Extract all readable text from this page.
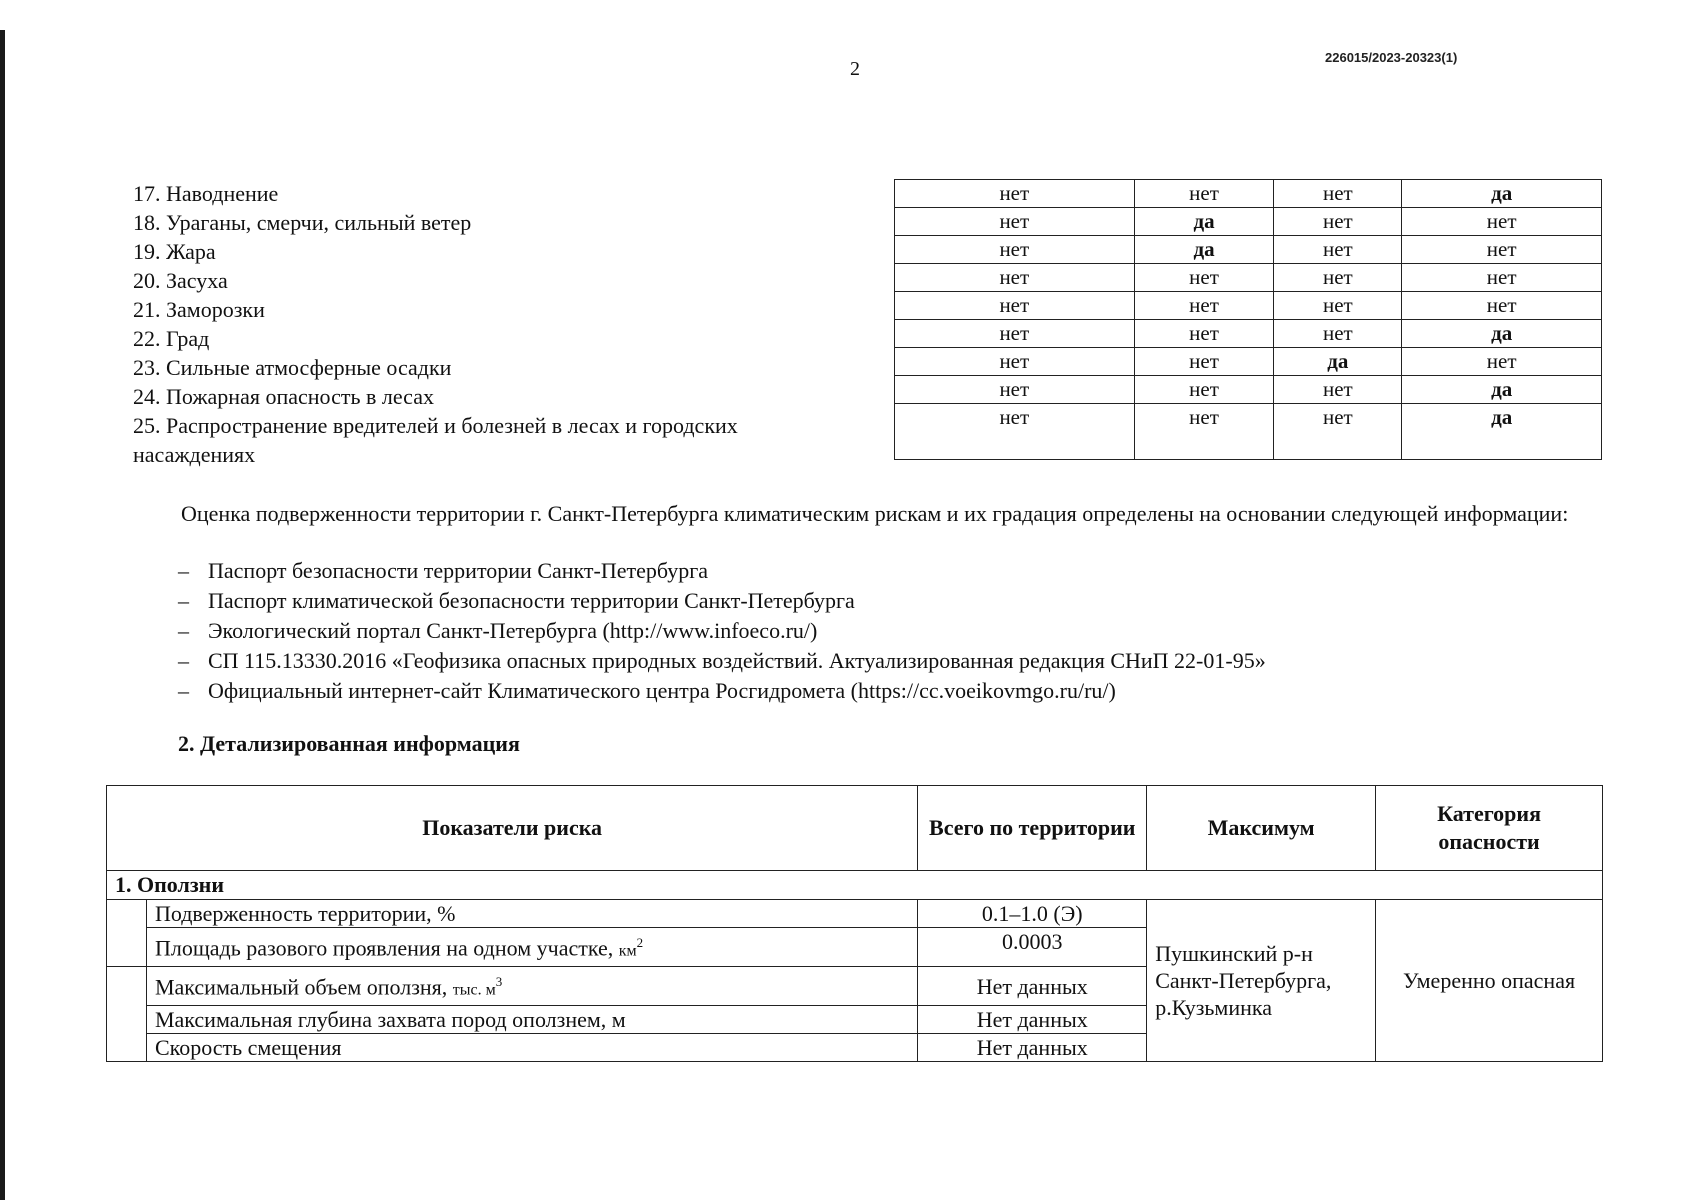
2
226015/2023-20323(1)
17. Наводнение
18. Ураганы, смерчи, сильный ветер
19. Жара
20. Засуха
21. Заморозки
22. Град
23. Сильные атмосферные осадки
24. Пожарная опасность в лесах
25. Распространение вредителей и болезней в лесах и городских насаждениях
нет	нет	нет	да
нет	да	нет	нет
нет	да	нет	нет
нет	нет	нет	нет
нет	нет	нет	нет
нет	нет	нет	да
нет	нет	да	нет
нет	нет	нет	да
нет	нет	нет	да
Оценка подверженности территории г. Санкт-Петербурга климатическим рискам и их градация определены на основании следующей информации:
– Паспорт безопасности территории Санкт-Петербурга
– Паспорт климатической безопасности территории Санкт-Петербурга
– Экологический портал Санкт-Петербурга (http://www.infoeco.ru/)
– СП 115.13330.2016 «Геофизика опасных природных воздействий. Актуализированная редакция СНиП 22-01-95»
– Официальный интернет-сайт Климатического центра Росгидромета (https://cc.voeikovmgo.ru/ru/)
2. Детализированная информация
Показатели риска		Всего по территории	Максимум	Категория опасности
1. Оползни				
	Подверженность территории, %	0.1–1.0 (Э)	Пушкинский р-н Санкт-Петербурга, р.Кузьминка	Умеренно опасная
	Площадь разового проявления на одном участке, $км^2$	0.0003		
	Максимальный объем оползня, тыс. $м^3$	Нет данных		
	Максимальная глубина захвата пород оползнем, м	Нет данных		
	Скорость смещения	Нет данных		
